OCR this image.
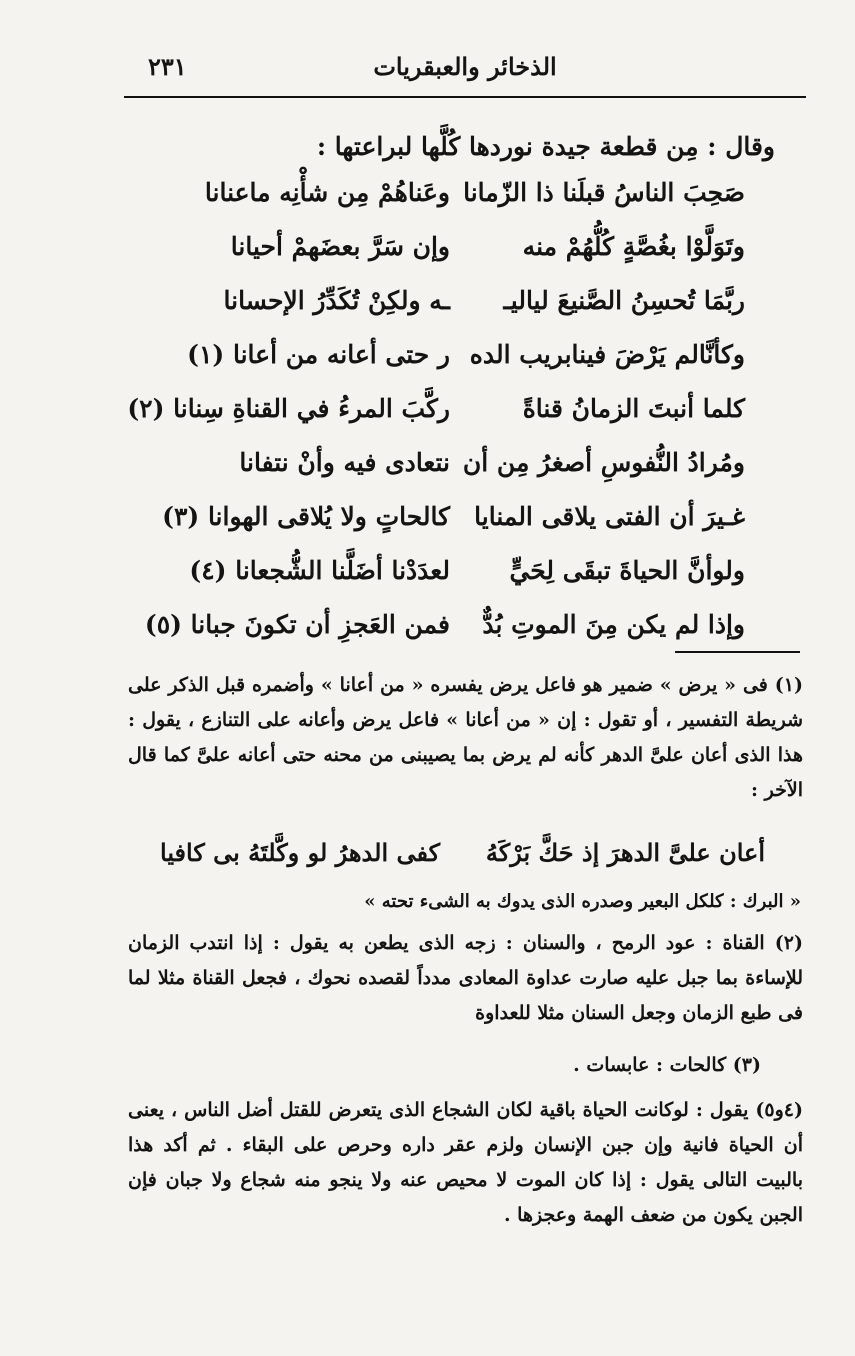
الذخائر والعبقريات
٢٣١
وقال : مِن قطعة جيدة نوردها كُلَّها لبراعتها :
صَحِبَ الناسُ قبلَنا ذا الزّمانا
وعَناهُمْ مِن شأْنِه ماعنانا
وتَوَلَّوْا بغُصَّةٍ كُلُّهُمْ منه
وإن سَرَّ بعضَهمْ أحيانا
ربَّمَا تُحسِنُ الصَّنيعَ لياليـ
ـه ولكِنْ تُكَدِّرُ الإحسانا
وكأنَّالم يَرْضَ فينابريب الده
ر حتى أعانه من أعانا (١)
كلما أنبتَ الزمانُ قناةً
ركَّبَ المرءُ في القناةِ سِنانا (٢)
ومُرادُ النُّفوسِ أصغرُ مِن أن
نتعادى فيه وأنْ نتفانا
غـيرَ أن الفتى يلاقى المنايا
كالحاتٍ ولا يُلاقى الهوانا (٣)
ولوأنَّ الحياةَ تبقَى لِحَيٍّ
لعدَدْنا أضَلَّنا الشُّجعانا (٤)
وإذا لم يكن مِنَ الموتِ بُدٌّ
فمن العَجزِ أن تكونَ جبانا (٥)
(١) فى « يرض » ضمير هو فاعل يرض يفسره « من أعانا » وأضمره قبل الذكر على شريطة التفسير ، أو تقول : إن « من أعانا » فاعل يرض وأعانه على التنازع ، يقول : هذا الذى أعان علىَّ الدهر كأنه لم يرض بما يصيبنى من محنه حتى أعانه علىَّ كما قال الآخر :
أعان علىَّ الدهرَ إذ حَكَّ بَرْكَهُ
كفى الدهرُ لو وكَّلتَهُ بى كافيا
« البرك : كلكل البعير وصدره الذى يدوك به الشىء تحته »
(٢) القناة : عود الرمح ، والسنان : زجه الذى يطعن به يقول : إذا انتدب الزمان للإساءة بما جبل عليه صارت عداوة المعادى مدداً لقصده نحوك ، فجعل القناة مثلا لما فى طبع الزمان وجعل السنان مثلا للعداوة
(٣) كالحات : عابسات .
(٤و٥) يقول : لوكانت الحياة باقية لكان الشجاع الذى يتعرض للقتل أضل الناس ، يعنى أن الحياة فانية وإن جبن الإنسان ولزم عقر داره وحرص على البقاء . ثم أكد هذا بالبيت التالى يقول : إذا كان الموت لا محيص عنه ولا ينجو منه شجاع ولا جبان فإن الجبن يكون من ضعف الهمة وعجزها .
